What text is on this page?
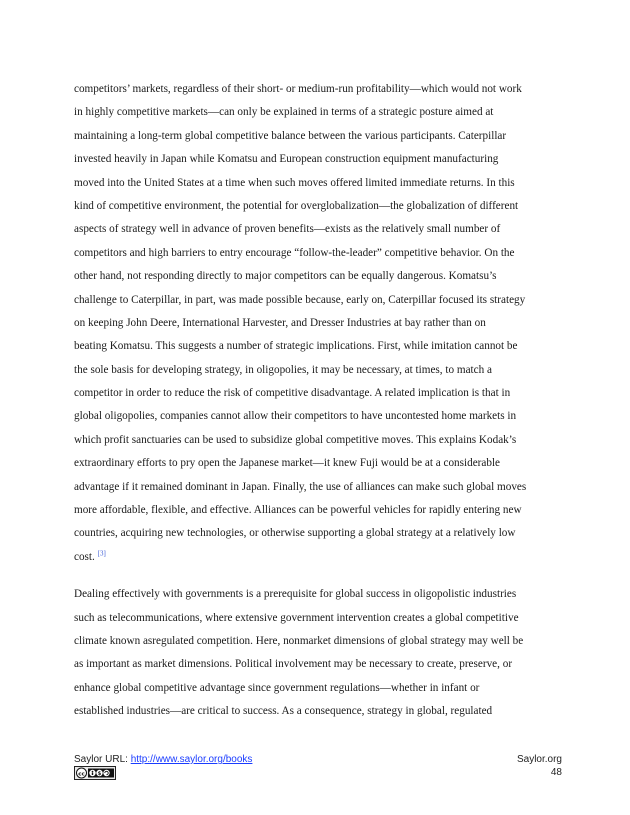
competitors’ markets, regardless of their short- or medium-run profitability—which would not work
in highly competitive markets—can only be explained in terms of a strategic posture aimed at
maintaining a long-term global competitive balance between the various participants. Caterpillar
invested heavily in Japan while Komatsu and European construction equipment manufacturing
moved into the United States at a time when such moves offered limited immediate returns. In this
kind of competitive environment, the potential for overglobalization—the globalization of different
aspects of strategy well in advance of proven benefits—exists as the relatively small number of
competitors and high barriers to entry encourage “follow-the-leader” competitive behavior. On the
other hand, not responding directly to major competitors can be equally dangerous. Komatsu’s
challenge to Caterpillar, in part, was made possible because, early on, Caterpillar focused its strategy
on keeping John Deere, International Harvester, and Dresser Industries at bay rather than on
beating Komatsu. This suggests a number of strategic implications. First, while imitation cannot be
the sole basis for developing strategy, in oligopolies, it may be necessary, at times, to match a
competitor in order to reduce the risk of competitive disadvantage. A related implication is that in
global oligopolies, companies cannot allow their competitors to have uncontested home markets in
which profit sanctuaries can be used to subsidize global competitive moves. This explains Kodak’s
extraordinary efforts to pry open the Japanese market—it knew Fuji would be at a considerable
advantage if it remained dominant in Japan. Finally, the use of alliances can make such global moves
more affordable, flexible, and effective. Alliances can be powerful vehicles for rapidly entering new
countries, acquiring new technologies, or otherwise supporting a global strategy at a relatively low
cost. [3]
Dealing effectively with governments is a prerequisite for global success in oligopolistic industries
such as telecommunications, where extensive government intervention creates a global competitive
climate known asregulated competition. Here, nonmarket dimensions of global strategy may well be
as important as market dimensions. Political involvement may be necessary to create, preserve, or
enhance global competitive advantage since government regulations—whether in infant or
established industries—are critical to success. As a consequence, strategy in global, regulated
Saylor URL: http://www.saylor.org/books
cc	$
Saylor.org
48
